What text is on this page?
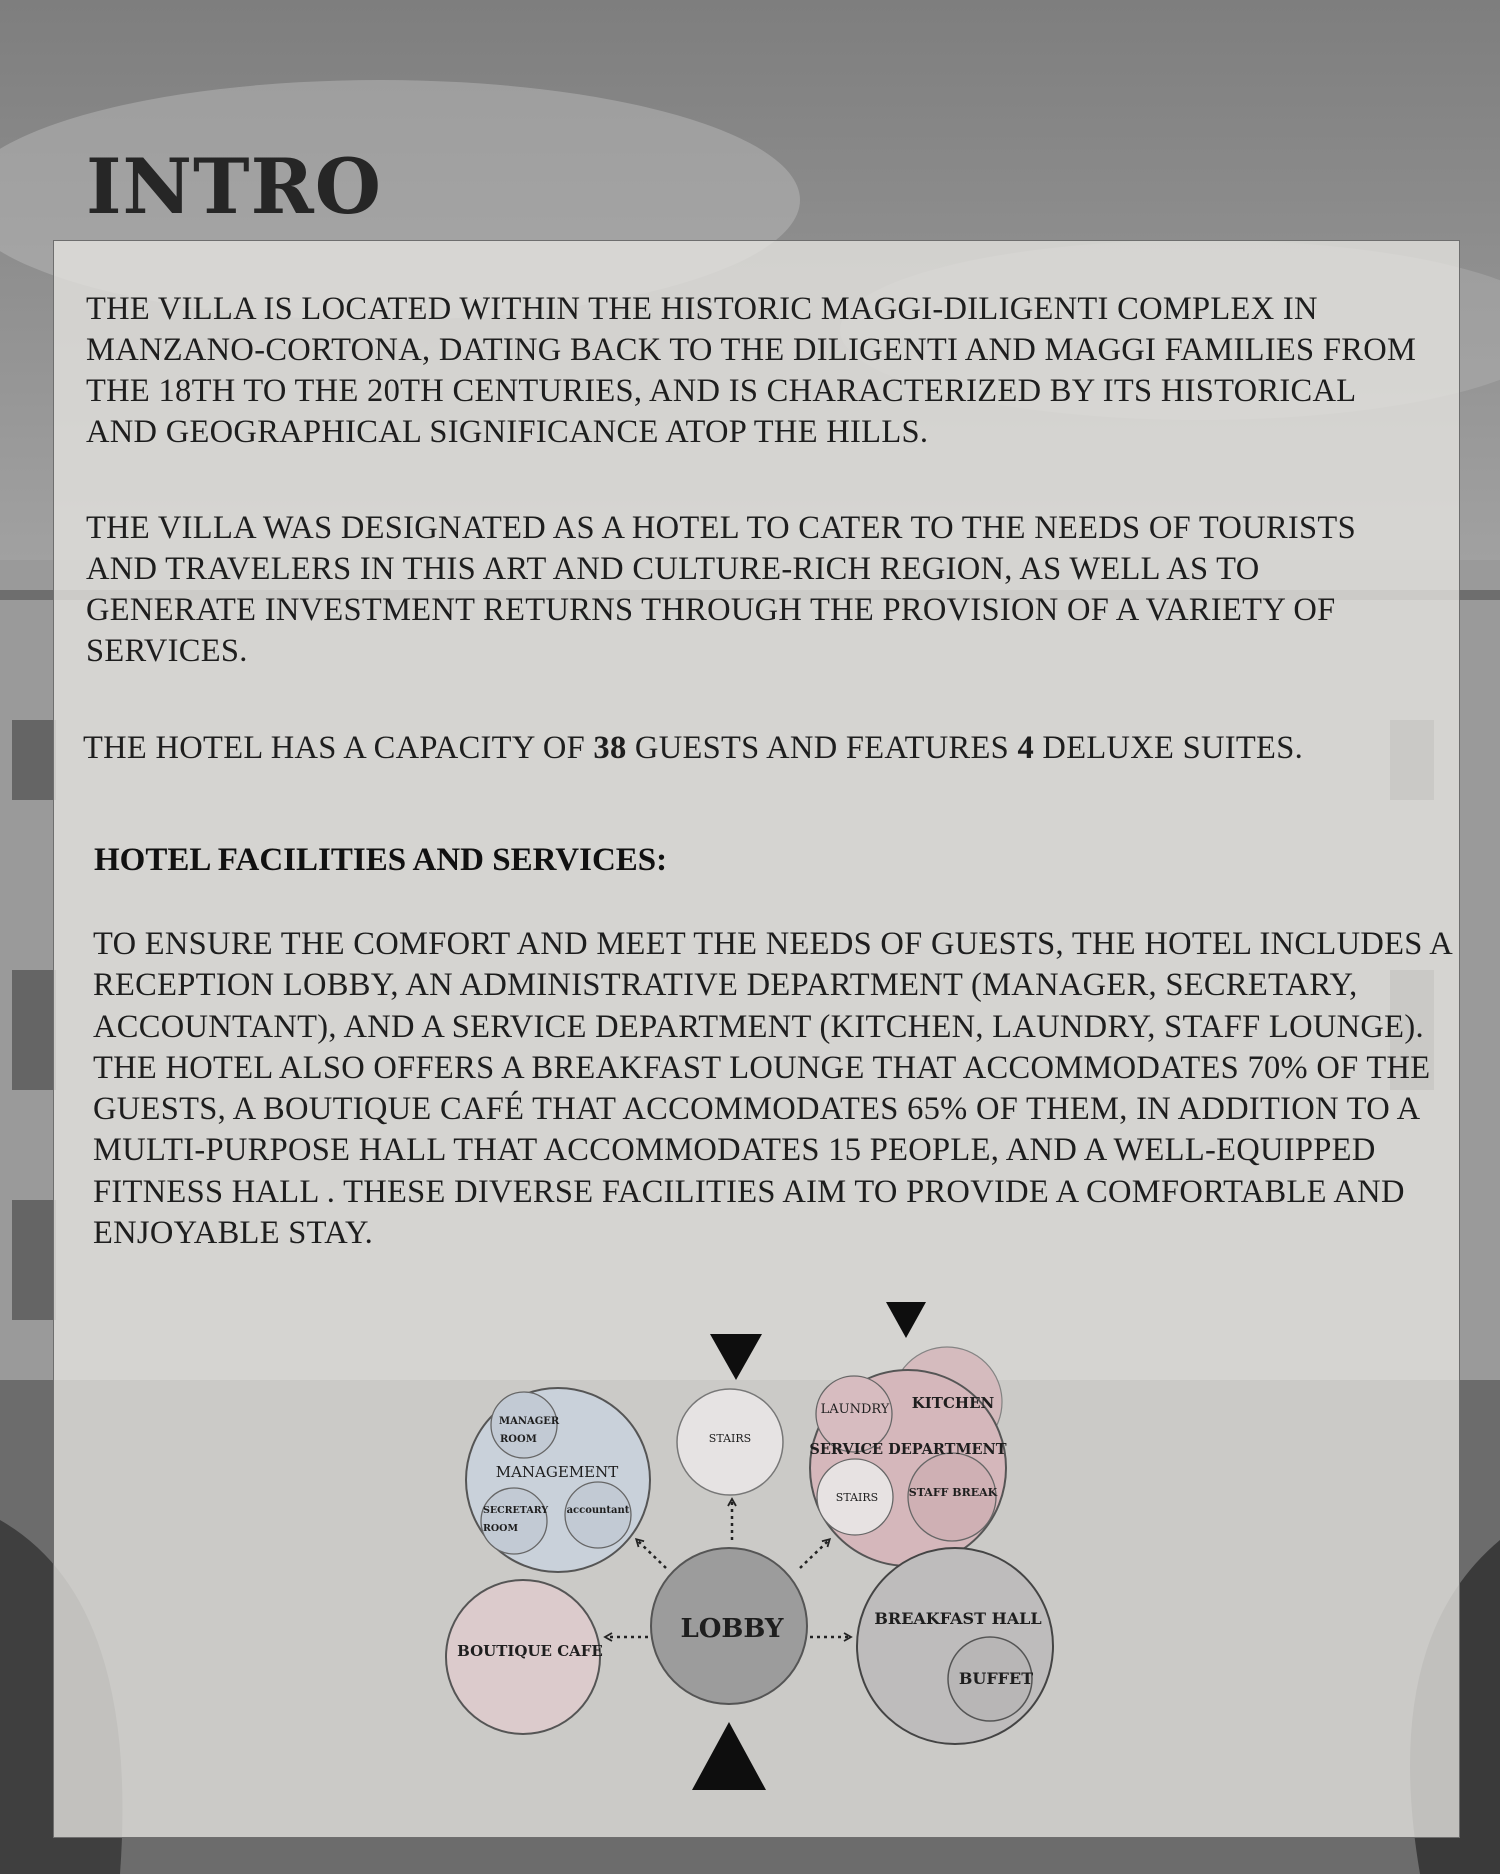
INTRO

THE VILLA IS LOCATED WITHIN THE HISTORIC MAGGI-DILIGENTI COMPLEX IN MANZANO-CORTONA, DATING BACK TO THE DILIGENTI AND MAGGI FAMILIES FROM THE 18TH TO THE 20TH CENTURIES, AND IS CHARACTERIZED BY ITS HISTORICAL AND GEOGRAPHICAL SIGNIFICANCE ATOP THE HILLS.

THE VILLA WAS DESIGNATED AS A HOTEL TO CATER TO THE NEEDS OF TOURISTS AND TRAVELERS IN THIS ART AND CULTURE-RICH REGION, AS WELL AS TO GENERATE INVESTMENT RETURNS THROUGH THE PROVISION OF A VARIETY OF SERVICES.

THE HOTEL HAS A CAPACITY OF 38 GUESTS AND FEATURES 4 DELUXE SUITES.

HOTEL FACILITIES AND SERVICES:

TO ENSURE THE COMFORT AND MEET THE NEEDS OF GUESTS, THE HOTEL INCLUDES A RECEPTION LOBBY, AN ADMINISTRATIVE DEPARTMENT (MANAGER, SECRETARY, ACCOUNTANT), AND A SERVICE DEPARTMENT (KITCHEN, LAUNDRY, STAFF LOUNGE). THE HOTEL ALSO OFFERS A BREAKFAST LOUNGE THAT ACCOMMODATES 70% OF THE GUESTS, A BOUTIQUE CAFÉ THAT ACCOMMODATES 65% OF THEM, IN ADDITION TO A MULTI-PURPOSE HALL THAT ACCOMMODATES 15 PEOPLE, AND A WELL-EQUIPPED FITNESS HALL . THESE DIVERSE FACILITIES AIM TO PROVIDE A COMFORTABLE AND ENJOYABLE STAY.

MANAGER
ROOM
MANAGEMENT
SECRETARY
ROOM
accountant
STAIRS
LAUNDRY KITCHEN
SERVICE DEPARTMENT
STAIRS	STAFF BREAK
BOUTIQUE CAFE
LOBBY	BREAKFAST HALL
BUFFET
